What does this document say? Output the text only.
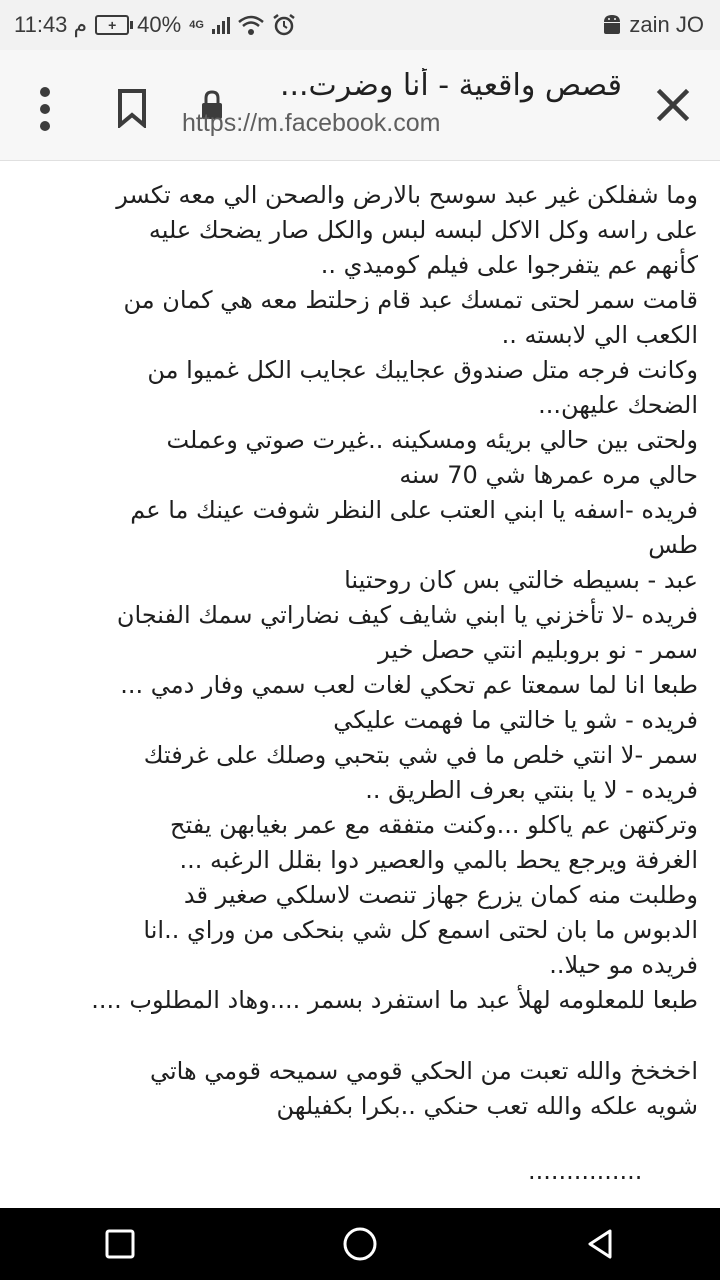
11:43 م	+ 40% 4G	zain JO
قصص واقعية - أنا وضرت...
https://m.facebook.com
وما شفلكن غير عبد سوسح بالارض والصحن الي معه تكسر
على راسه وكل الاكل لبسه لبس والكل صار يضحك عليه
كأنهم عم يتفرجوا على فيلم كوميدي ..
قامت سمر لحتى تمسك عبد قام زحلتط معه هي كمان من
الكعب الي لابسته ..
وكانت فرجه متل صندوق عجايبك عجايب الكل غميوا من
الضحك عليهن...
ولحتى بين حالي بريئه ومسكينه ..غيرت صوتي وعملت
حالي مره عمرها شي 70 سنه
فريده -اسفه يا ابني العتب على النظر شوفت عينك ما عم
طس
عبد - بسيطه خالتي بس كان روحتينا
فريده -لا تأخزني يا ابني شايف كيف نضاراتي سمك الفنجان
سمر - نو بروبليم انتي حصل خير
طبعا انا لما سمعتا عم تحكي لغات لعب سمي وفار دمي ...
فريده - شو يا خالتي ما فهمت عليكي
سمر -لا انتي خلص ما في شي بتحبي وصلك على غرفتك
فريده - لا يا بنتي بعرف الطريق ..
وتركتهن عم ياكلو ...وكنت متفقه مع عمر بغيابهن يفتح
الغرفة ويرجع يحط بالمي والعصير دوا بقلل الرغبه ...
وطلبت منه كمان يزرع جهاز تنصت لاسلكي صغير قد
الدبوس ما بان لحتى اسمع كل شي بنحكى من وراي ..انا
فريده مو حيلا..
طبعا للمعلومه لهلأ عبد ما استفرد بسمر ....وهاد المطلوب ....
اخخخخ والله تعبت من الحكي قومي سميحه قومي هاتي
شويه علكه والله تعب حنكي ..بكرا بكفيلهن
...............
